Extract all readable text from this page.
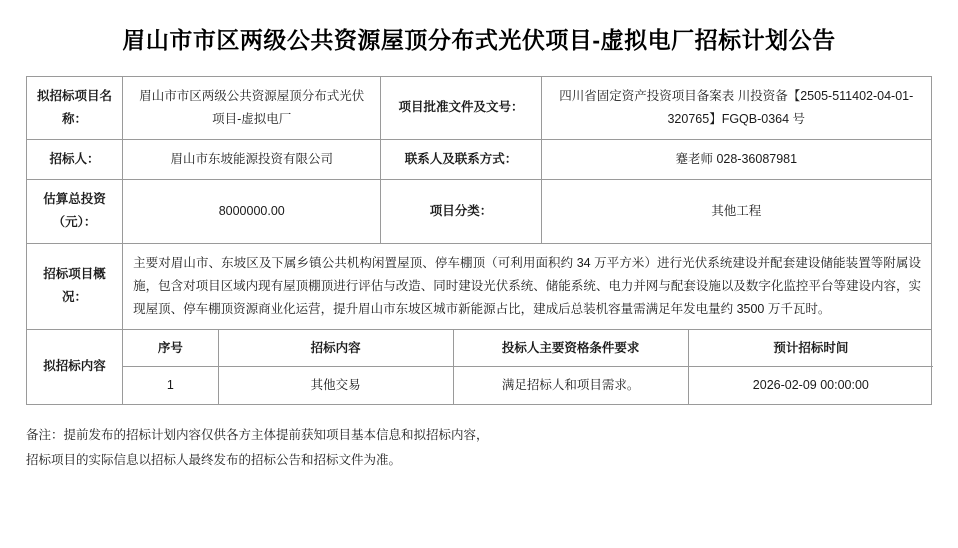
眉山市市区两级公共资源屋顶分布式光伏项目-虚拟电厂招标计划公告
拟招标项目名称：	眉山市市区两级公共资源屋顶分布式光伏项目-虚拟电厂	项目批准文件及文号：	四川省固定资产投资项目备案表 川投资备【2505-511402-04-01-320765】FGQB-0364 号
招标人：	眉山市东坡能源投资有限公司	联系人及联系方式：	蹇老师 028-36087981
估算总投资（元）：	8000000.00	项目分类：	其他工程
招标项目概况：	主要对眉山市、东坡区及下属乡镇公共机构闲置屋顶、停车棚顶（可利用面积约 34 万平方米）进行光伏系统建设并配套建设储能装置等附属设施，包含对项目区域内现有屋顶棚顶进行评估与改造、同时建设光伏系统、储能系统、电力并网与配套设施以及数字化监控平台等建设内容，实现屋顶、停车棚顶资源商业化运营，提升眉山市东坡区城市新能源占比，建成后总装机容量需满足年发电量约 3500 万千瓦时。
拟招标内容	
序号	招标内容	投标人主要资格条件要求	预计招标时间
1	其他交易	满足招标人和项目需求。	2026-02-09 00:00:00
备注：提前发布的招标计划内容仅供各方主体提前获知项目基本信息和拟招标内容，
招标项目的实际信息以招标人最终发布的招标公告和招标文件为准。
